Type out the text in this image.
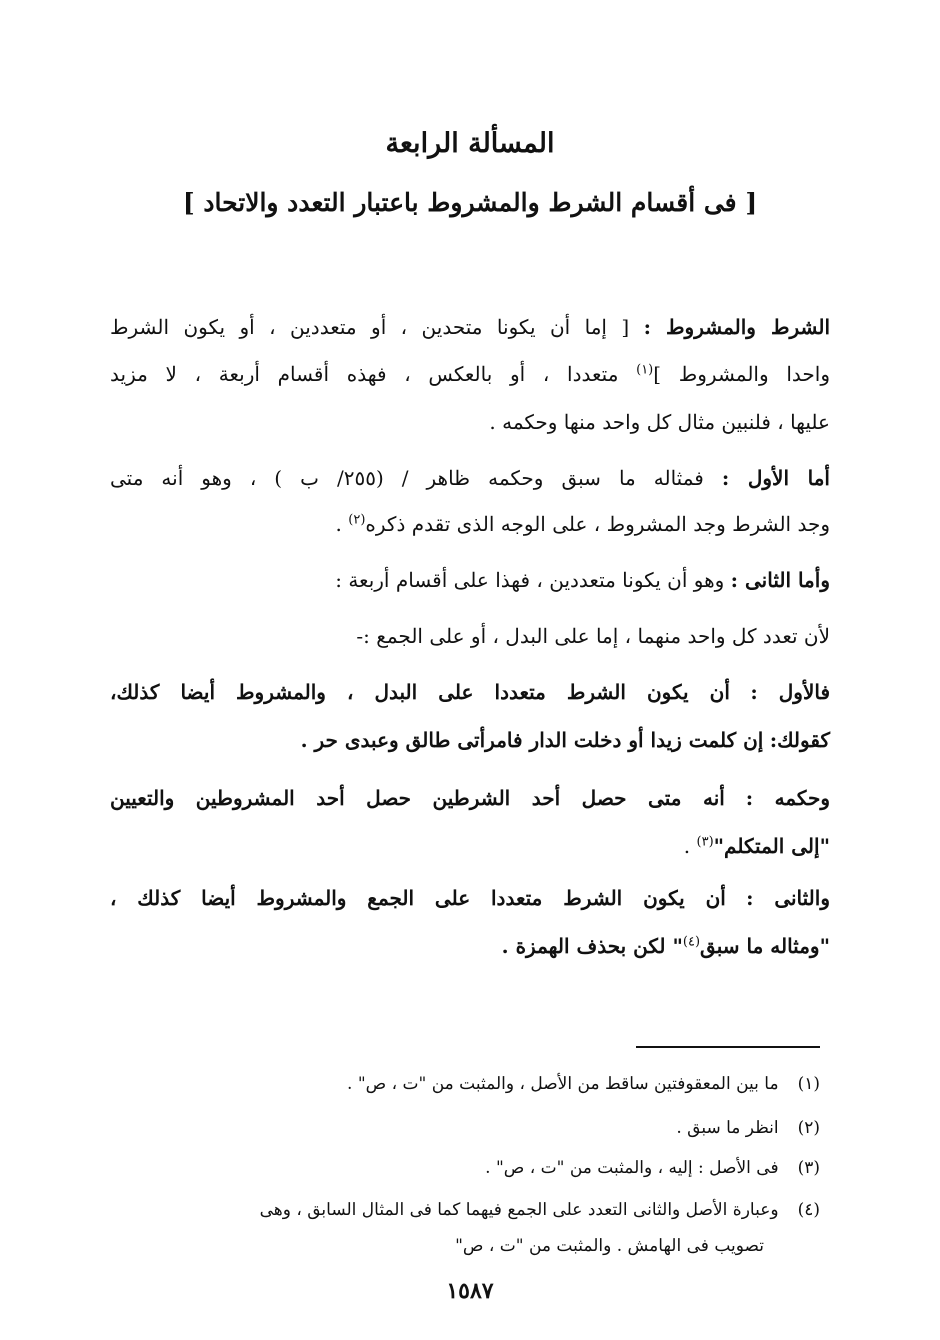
المسألة الرابعة
[ فى أقسام الشرط والمشروط باعتبار التعدد والاتحاد ]
الشرط والمشروط : [ إما أن يكونا متحدين ، أو متعددين ، أو يكون الشرط
واحدا والمشروط ]$^{(١)}$ متعددا ، أو بالعكس ، فهذه أقسام أربعة ، لا مزيد
عليها ، فلنبين مثال كل واحد منها وحكمه .
أما الأول : فمثاله ما سبق وحكمه ظاهر / (٢٥٥/ ب ) ، وهو أنه متى
وجد الشرط وجد المشروط ، على الوجه الذى تقدم ذكره$^{(٢)}$ .
وأما الثانى : وهو أن يكونا متعددين ، فهذا على أقسام أربعة :
لأن تعدد كل واحد منهما ، إما على البدل ، أو على الجمع :-
فالأول : أن يكون الشرط متعددا على البدل ، والمشروط أيضا كذلك،
كقولك: إن كلمت زيدا أو دخلت الدار فامرأتى طالق وعبدى حر .
وحكمه : أنه متى حصل أحد الشرطين حصل أحد المشروطين والتعيين
"إلى المتكلم"$^{(٣)}$ .
والثانى : أن يكون الشرط متعددا على الجمع والمشروط أيضا كذلك ،
"ومثاله ما سبق$^{(٤)}$" لكن بحذف الهمزة .
(١) ما بين المعقوفتين ساقط من الأصل ، والمثبت من "ت ، ص" .
(٢) انظر ما سبق .
(٣) فى الأصل : إليه ، والمثبت من "ت ، ص" .
(٤) وعبارة الأصل والثانى التعدد على الجمع فيهما كما فى المثال السابق ، وهى
تصويب فى الهامش . والمثبت من "ت ، ص"
١٥٨٧
